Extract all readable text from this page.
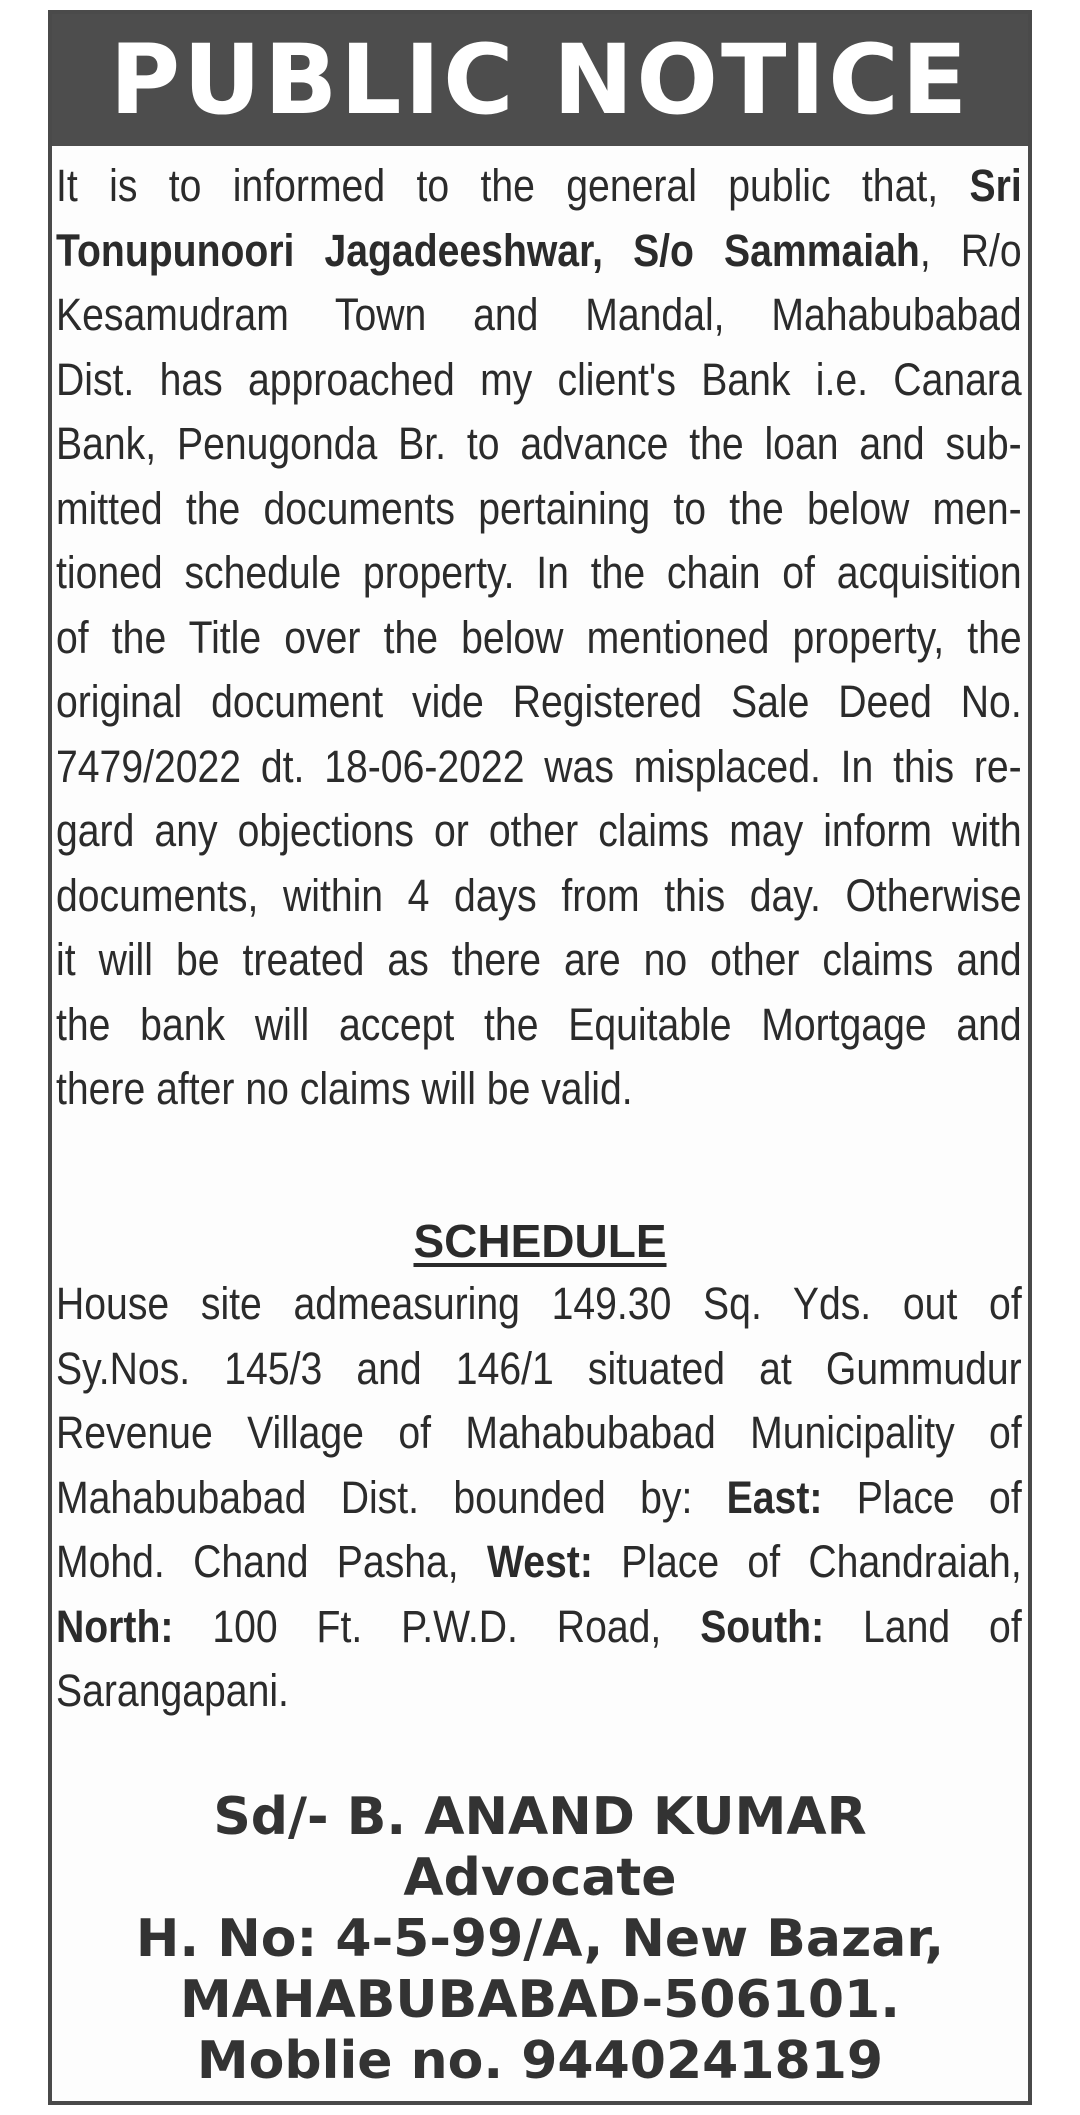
PUBLIC NOTICE
It is to informed to the general public that, Sri
Tonupunoori Jagadeeshwar, S/o Sammaiah, R/o
Kesamudram Town and Mandal, Mahabubabad
Dist. has approached my client's Bank i.e. Canara
Bank, Penugonda Br. to advance the loan and sub-
mitted the documents pertaining to the below men-
tioned schedule property. In the chain of acquisition
of the Title over the below mentioned property, the
original document vide Registered Sale Deed No.
7479/2022 dt. 18-06-2022 was misplaced. In this re-
gard any objections or other claims may inform with
documents, within 4 days from this day. Otherwise
it will be treated as there are no other claims and
the bank will accept the Equitable Mortgage and
there after no claims will be valid.
SCHEDULE
House site admeasuring 149.30 Sq. Yds. out of
Sy.Nos. 145/3 and 146/1 situated at Gummudur
Revenue Village of Mahabubabad Municipality of
Mahabubabad Dist. bounded by: East: Place of
Mohd. Chand Pasha, West: Place of Chandraiah,
North: 100 Ft. P.W.D. Road, South: Land of
Sarangapani.
Sd/- B. ANAND KUMAR
Advocate
H. No: 4-5-99/A, New Bazar,
MAHABUBABAD-506101.
Moblie no. 9440241819
